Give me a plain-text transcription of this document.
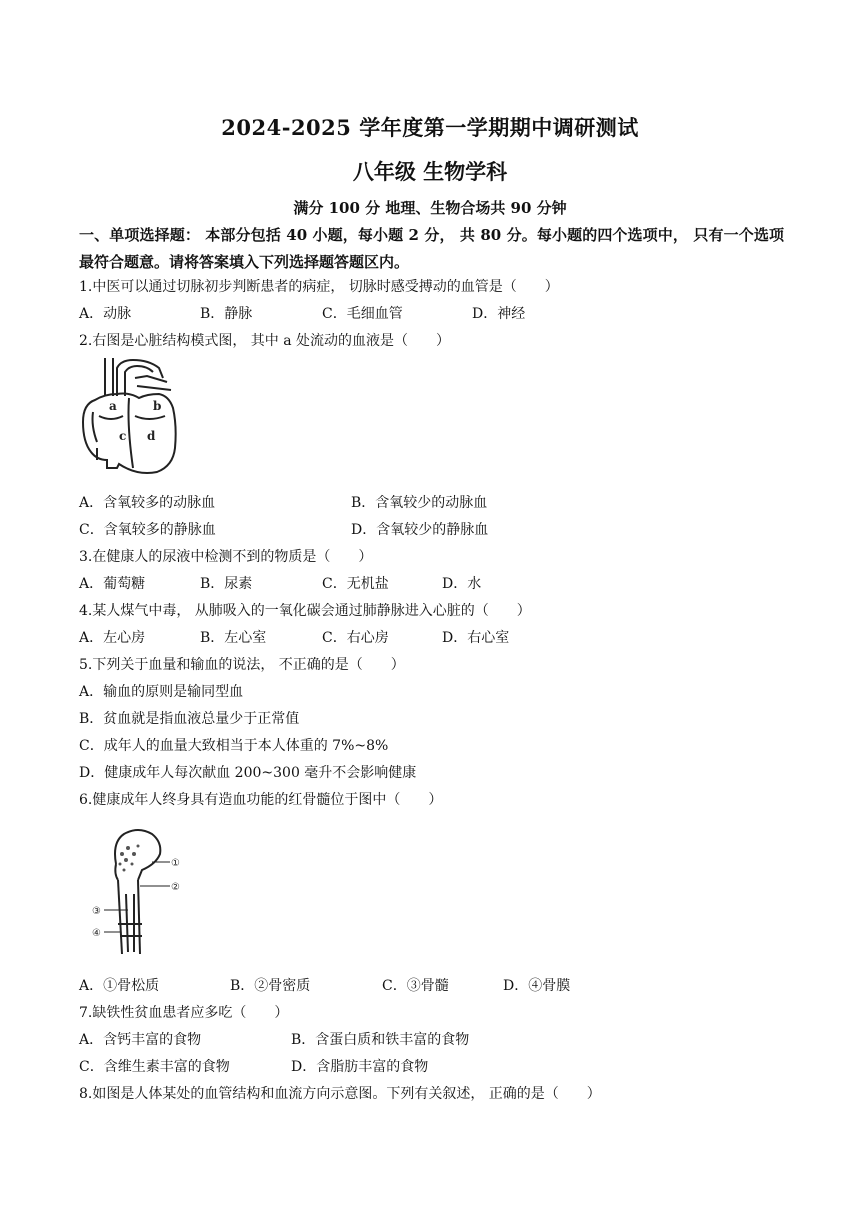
2024-2025 学年度第一学期期中调研测试
八年级 生物学科
满分 100 分 地理、生物合场共 90 分钟
一、单项选择题： 本部分包括 40 小题，每小题 2 分， 共 80 分。每小题的四个选项中， 只有一个选项最符合题意。请将答案填入下列选择题答题区内。
1.中医可以通过切脉初步判断患者的病症， 切脉时感受搏动的血管是（　　）
A．动脉	B．静脉	C．毛细血管	D．神经
2.右图是心脏结构模式图， 其中 a 处流动的血液是（　　）
a	b
c d
A．含氧较多的动脉血	B．含氧较少的动脉血
C．含氧较多的静脉血	D．含氧较少的静脉血
3.在健康人的尿液中检测不到的物质是（　　）
A．葡萄糖	B．尿素	C．无机盐	D．水
4.某人煤气中毒， 从肺吸入的一氧化碳会通过肺静脉进入心脏的（　　）
A．左心房	B．左心室	C．右心房	D．右心室
5.下列关于血量和输血的说法， 不正确的是（　　）
A．输血的原则是输同型血
B．贫血就是指血液总量少于正常值
C．成年人的血量大致相当于本人体重的 7%~8%
D．健康成年人每次献血 200~300 毫升不会影响健康
6.健康成年人终身具有造血功能的红骨髓位于图中（　　）
①
②
③
④
A．①骨松质	B．②骨密质	C．③骨髓	D．④骨膜
7.缺铁性贫血患者应多吃（　　）
A．含钙丰富的食物	B．含蛋白质和铁丰富的食物
C．含维生素丰富的食物	D．含脂肪丰富的食物
8.如图是人体某处的血管结构和血流方向示意图。下列有关叙述， 正确的是（　　）
